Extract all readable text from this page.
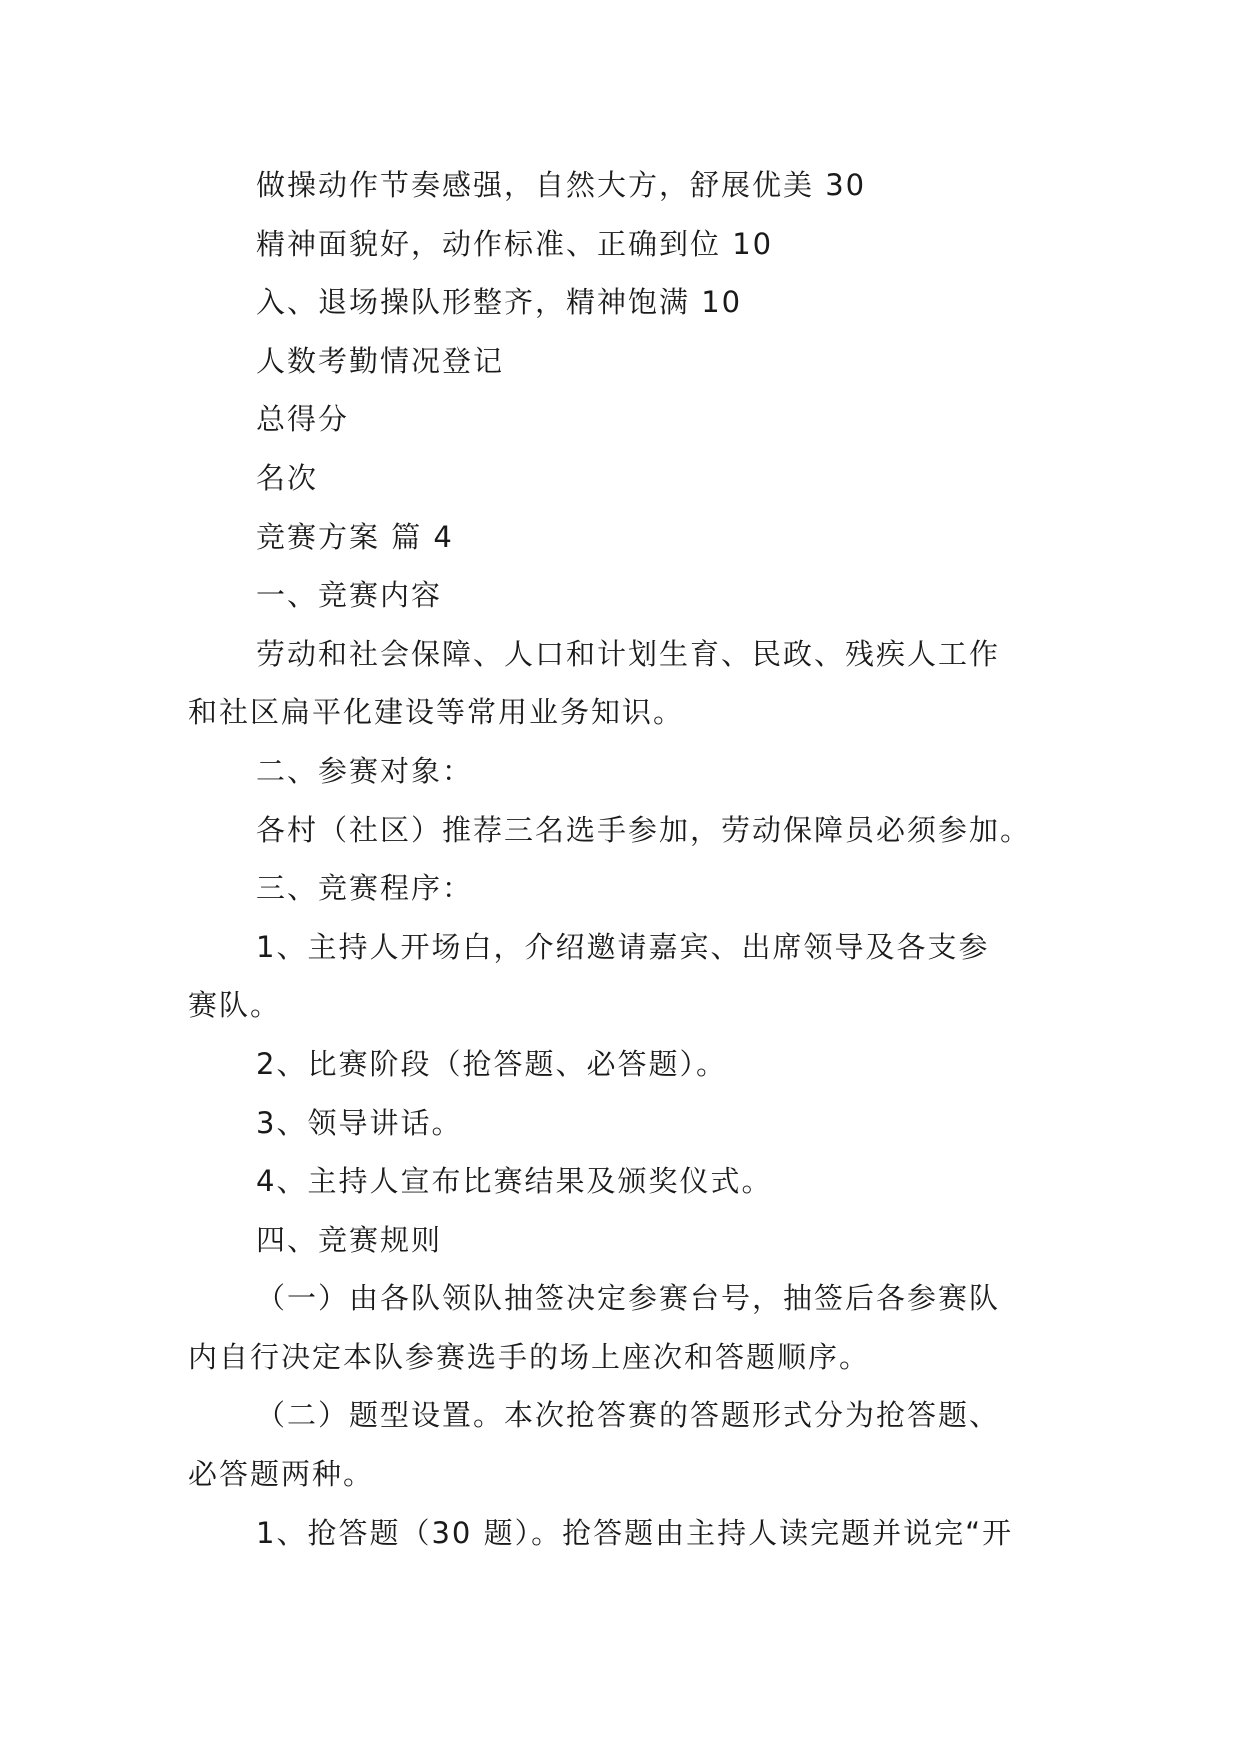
做操动作节奏感强，自然大方，舒展优美 30
精神面貌好，动作标准、正确到位 10
入、退场操队形整齐，精神饱满 10
人数考勤情况登记
总得分
名次
竞赛方案 篇 4
一、竞赛内容
劳动和社会保障、人口和计划生育、民政、残疾人工作
和社区扁平化建设等常用业务知识。
二、参赛对象：
各村（社区）推荐三名选手参加，劳动保障员必须参加。
三、竞赛程序：
1、主持人开场白，介绍邀请嘉宾、出席领导及各支参
赛队。
2、比赛阶段（抢答题、必答题）。
3、领导讲话。
4、主持人宣布比赛结果及颁奖仪式。
四、竞赛规则
（一）由各队领队抽签决定参赛台号，抽签后各参赛队
内自行决定本队参赛选手的场上座次和答题顺序。
（二）题型设置。本次抢答赛的答题形式分为抢答题、
必答题两种。
1、抢答题（30 题）。抢答题由主持人读完题并说完“开
